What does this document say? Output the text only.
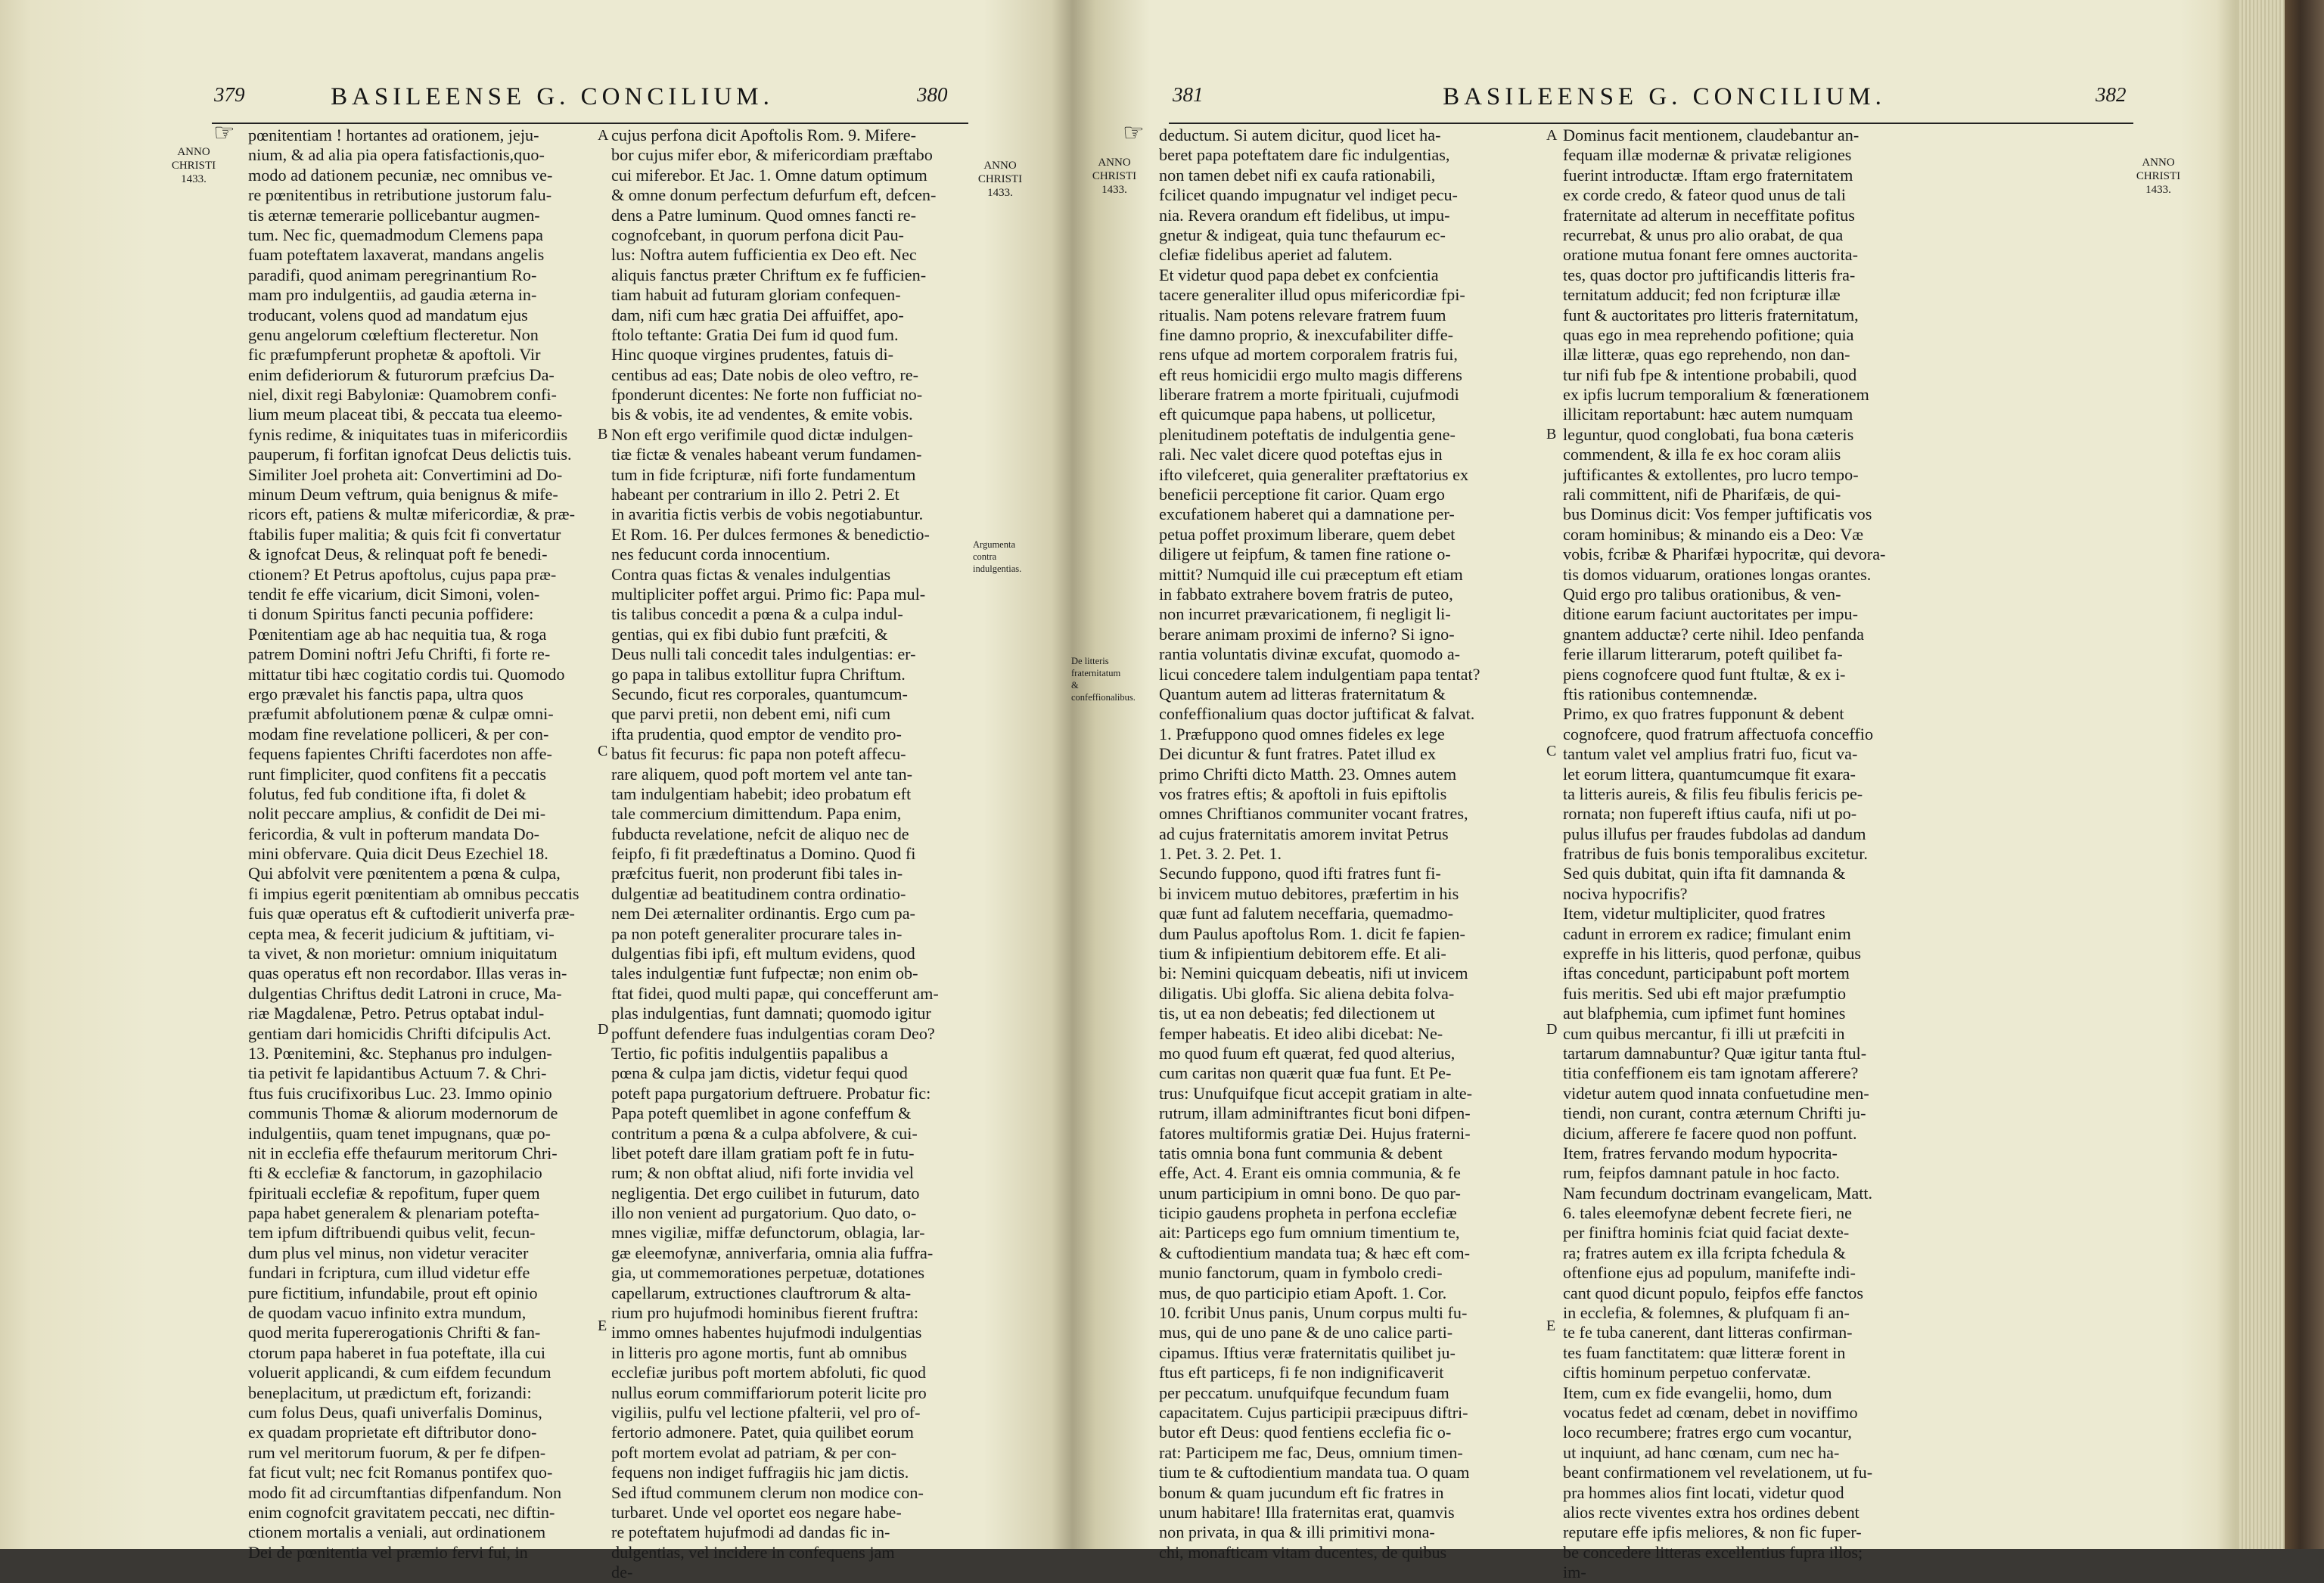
379	BASILEENSE G. CONCILIUM.	380
☞
ANNO
CHRISTI
1433.
ANNO
CHRISTI
1433.
Argumenta contra indulgentias.
pœnitentiam ! hortantes ad orationem, jeju-
nium, & ad alia pia opera fatisfactionis,quo-
modo ad dationem pecuniæ, nec omnibus ve-
re pœnitentibus in retributione justorum falu-
tis æternæ temerarie pollicebantur augmen-
tum. Nec fic, quemadmodum Clemens papa
fuam poteftatem laxaverat, mandans angelis
paradifi, quod animam peregrinantium Ro-
mam pro indulgentiis, ad gaudia æterna in-
troducant, volens quod ad mandatum ejus
genu angelorum cœleftium flecteretur. Non
fic præfumpferunt prophetæ & apoftoli. Vir
enim defideriorum & futurorum præfcius Da-
niel, dixit regi Babyloniæ: Quamobrem confi-
lium meum placeat tibi, & peccata tua eleemo-
fynis redime, & iniquitates tuas in mifericordiis
pauperum, fi forfitan ignofcat Deus delictis tuis.
Similiter Joel proheta ait: Convertimini ad Do-
minum Deum veftrum, quia benignus & mife-
ricors eft, patiens & multæ mifericordiæ, & præ-
ftabilis fuper malitia; & quis fcit fi convertatur
& ignofcat Deus, & relinquat poft fe benedi-
ctionem? Et Petrus apoftolus, cujus papa præ-
tendit fe effe vicarium, dicit Simoni, volen-
ti donum Spiritus fancti pecunia poffidere:
Pœnitentiam age ab hac nequitia tua, & roga
patrem Domini noftri Jefu Chrifti, fi forte re-
mittatur tibi hæc cogitatio cordis tui. Quomodo
ergo prævalet his fanctis papa, ultra quos
præfumit abfolutionem pœnæ & culpæ omni-
modam fine revelatione polliceri, & per con-
fequens fapientes Chrifti facerdotes non affe-
runt fimpliciter, quod confitens fit a peccatis
folutus, fed fub conditione ifta, fi dolet &
nolit peccare amplius, & confidit de Dei mi-
fericordia, & vult in pofterum mandata Do-
mini obfervare. Quia dicit Deus Ezechiel 18.
Qui abfolvit vere pœnitentem a pœna & culpa,
fi impius egerit pœnitentiam ab omnibus peccatis
fuis quæ operatus eft & cuftodierit univerfa præ-
cepta mea, & fecerit judicium & juftitiam, vi-
ta vivet, & non morietur: omnium iniquitatum
quas operatus eft non recordabor. Illas veras in-
dulgentias Chriftus dedit Latroni in cruce, Ma-
riæ Magdalenæ, Petro. Petrus optabat indul-
gentiam dari homicidis Chrifti difcipulis Act.
13. Pœnitemini, &c. Stephanus pro indulgen-
tia petivit fe lapidantibus Actuum 7. & Chri-
ftus fuis crucifixoribus Luc. 23. Immo opinio
communis Thomæ & aliorum modernorum de
indulgentiis, quam tenet impugnans, quæ po-
nit in ecclefia effe thefaurum meritorum Chri-
fti & ecclefiæ & fanctorum, in gazophilacio
fpirituali ecclefiæ & repofitum, fuper quem
papa habet generalem & plenariam potefta-
tem ipfum diftribuendi quibus velit, fecun-
dum plus vel minus, non videtur veraciter
fundari in fcriptura, cum illud videtur effe
pure fictitium, infundabile, prout eft opinio
de quodam vacuo infinito extra mundum,
quod merita fupererogationis Chrifti & fan-
ctorum papa haberet in fua poteftate, illa cui
voluerit applicandi, & cum eifdem fecundum
beneplacitum, ut prædictum eft, forizandi:
cum folus Deus, quafi univerfalis Dominus,
ex quadam proprietate eft diftributor dono-
rum vel meritorum fuorum, & per fe difpen-
fat ficut vult; nec fcit Romanus pontifex quo-
modo fit ad circumftantias difpenfandum. Non
enim cognofcit gravitatem peccati, nec diftin-
ctionem mortalis a veniali, aut ordinationem
Dei de pœnitentia vel præmio fervi fui, in
cujus perfona dicit Apoftolis Rom. 9. Mifere-
bor cujus mifer ebor, & mifericordiam præftabo
cui miferebor. Et Jac. 1. Omne datum optimum
& omne donum perfectum defurfum eft, defcen-
dens a Patre luminum. Quod omnes fancti re-
cognofcebant, in quorum perfona dicit Pau-
lus: Noftra autem fufficientia ex Deo eft. Nec
aliquis fanctus præter Chriftum ex fe fufficien-
tiam habuit ad futuram gloriam confequen-
dam, nifi cum hæc gratia Dei affuiffet, apo-
ftolo teftante: Gratia Dei fum id quod fum.
Hinc quoque virgines prudentes, fatuis di-
centibus ad eas; Date nobis de oleo veftro, re-
fponderunt dicentes: Ne forte non fufficiat no-
bis & vobis, ite ad vendentes, & emite vobis.
Non eft ergo verifimile quod dictæ indulgen-
tiæ fictæ & venales habeant verum fundamen-
tum in fide fcripturæ, nifi forte fundamentum
habeant per contrarium in illo 2. Petri 2. Et
in avaritia fictis verbis de vobis negotiabuntur.
Et Rom. 16. Per dulces fermones & benedictio-
nes feducunt corda innocentium.
Contra quas fictas & venales indulgentias
multipliciter poffet argui. Primo fic: Papa mul-
tis talibus concedit a pœna & a culpa indul-
gentias, qui ex fibi dubio funt præfciti, &
Deus nulli tali concedit tales indulgentias: er-
go papa in talibus extollitur fupra Chriftum.
Secundo, ficut res corporales, quantumcum-
que parvi pretii, non debent emi, nifi cum
ifta prudentia, quod emptor de vendito pro-
batus fit fecurus: fic papa non poteft affecu-
rare aliquem, quod poft mortem vel ante tan-
tam indulgentiam habebit; ideo probatum eft
tale commercium dimittendum. Papa enim,
fubducta revelatione, nefcit de aliquo nec de
feipfo, fi fit prædeftinatus a Domino. Quod fi
præfcitus fuerit, non proderunt fibi tales in-
dulgentiæ ad beatitudinem contra ordinatio-
nem Dei æternaliter ordinantis. Ergo cum pa-
pa non poteft generaliter procurare tales in-
dulgentias fibi ipfi, eft multum evidens, quod
tales indulgentiæ funt fufpectæ; non enim ob-
ftat fidei, quod multi papæ, qui concefferunt am-
plas indulgentias, funt damnati; quomodo igitur
poffunt defendere fuas indulgentias coram Deo?
Tertio, fic pofitis indulgentiis papalibus a
pœna & culpa jam dictis, videtur fequi quod
poteft papa purgatorium deftruere. Probatur fic:
Papa poteft quemlibet in agone confeffum &
contritum a pœna & a culpa abfolvere, & cui-
libet poteft dare illam gratiam poft fe in futu-
rum; & non obftat aliud, nifi forte invidia vel
negligentia. Det ergo cuilibet in futurum, dato
illo non venient ad purgatorium. Quo dato, o-
mnes vigiliæ, miffæ defunctorum, oblagia, lar-
gæ eleemofynæ, anniverfaria, omnia alia fuffra-
gia, ut commemorationes perpetuæ, dotationes
capellarum, extructiones clauftrorum & alta-
rium pro hujufmodi hominibus fierent fruftra:
immo omnes habentes hujufmodi indulgentias
in litteris pro agone mortis, funt ab omnibus
ecclefiæ juribus poft mortem abfoluti, fic quod
nullus eorum commiffariorum poterit licite pro
vigiliis, pulfu vel lectione pfalterii, vel pro of-
fertorio admonere. Patet, quia quilibet eorum
poft mortem evolat ad patriam, & per con-
fequens non indiget fuffragiis hic jam dictis.
Sed iftud communem clerum non modice con-
turbaret. Unde vel oportet eos negare habe-
re poteftatem hujufmodi ad dandas fic in-
dulgentias, vel incidere in confequens jam
de-
A
B
C
D
E
381	BASILEENSE G. CONCILIUM.	382
☞
ANNO
CHRISTI
1433.
ANNO
CHRISTI
1433.
De litteris fraternitatum & confeffionalibus.
deductum. Si autem dicitur, quod licet ha-
beret papa poteftatem dare fic indulgentias,
non tamen debet nifi ex caufa rationabili,
fcilicet quando impugnatur vel indiget pecu-
nia. Revera orandum eft fidelibus, ut impu-
gnetur & indigeat, quia tunc thefaurum ec-
clefiæ fidelibus aperiet ad falutem.
Et videtur quod papa debet ex confcientia
tacere generaliter illud opus mifericordiæ fpi-
ritualis. Nam potens relevare fratrem fuum
fine damno proprio, & inexcufabiliter diffe-
rens ufque ad mortem corporalem fratris fui,
eft reus homicidii ergo multo magis differens
liberare fratrem a morte fpirituali, cujufmodi
eft quicumque papa habens, ut pollicetur,
plenitudinem poteftatis de indulgentia gene-
rali. Nec valet dicere quod poteftas ejus in
ifto vilefceret, quia generaliter præftatorius ex
beneficii perceptione fit carior. Quam ergo
excufationem haberet qui a damnatione per-
petua poffet proximum liberare, quem debet
diligere ut feipfum, & tamen fine ratione o-
mittit? Numquid ille cui præceptum eft etiam
in fabbato extrahere bovem fratris de puteo,
non incurret prævaricationem, fi negligit li-
berare animam proximi de inferno? Si igno-
rantia voluntatis divinæ excufat, quomodo a-
licui concedere talem indulgentiam papa tentat?
Quantum autem ad litteras fraternitatum &
confeffionalium quas doctor juftificat & falvat.
1. Præfuppono quod omnes fideles ex lege
Dei dicuntur & funt fratres. Patet illud ex
primo Chrifti dicto Matth. 23. Omnes autem
vos fratres eftis; & apoftoli in fuis epiftolis
omnes Chriftianos communiter vocant fratres,
ad cujus fraternitatis amorem invitat Petrus
1. Pet. 3. 2. Pet. 1.
Secundo fuppono, quod ifti fratres funt fi-
bi invicem mutuo debitores, præfertim in his
quæ funt ad falutem neceffaria, quemadmo-
dum Paulus apoftolus Rom. 1. dicit fe fapien-
tium & infipientium debitorem effe. Et ali-
bi: Nemini quicquam debeatis, nifi ut invicem
diligatis. Ubi gloffa. Sic aliena debita folva-
tis, ut ea non debeatis; fed dilectionem ut
femper habeatis. Et ideo alibi dicebat: Ne-
mo quod fuum eft quærat, fed quod alterius,
cum caritas non quærit quæ fua funt. Et Pe-
trus: Unufquifque ficut accepit gratiam in alte-
rutrum, illam adminiftrantes ficut boni difpen-
fatores multiformis gratiæ Dei. Hujus fraterni-
tatis omnia bona funt communia & debent
effe, Act. 4. Erant eis omnia communia, & fe
unum participium in omni bono. De quo par-
ticipio gaudens propheta in perfona ecclefiæ
ait: Particeps ego fum omnium timentium te,
& cuftodientium mandata tua; & hæc eft com-
munio fanctorum, quam in fymbolo credi-
mus, de quo participio etiam Apoft. 1. Cor.
10. fcribit Unus panis, Unum corpus multi fu-
mus, qui de uno pane & de uno calice parti-
cipamus. Iftius veræ fraternitatis quilibet ju-
ftus eft particeps, fi fe non indignificaverit
per peccatum. unufquifque fecundum fuam
capacitatem. Cujus participii præcipuus diftri-
butor eft Deus: quod fentiens ecclefia fic o-
rat: Participem me fac, Deus, omnium timen-
tium te & cuftodientium mandata tua. O quam
bonum & quam jucundum eft fic fratres in
unum habitare! Illa fraternitas erat, quamvis
non privata, in qua & illi primitivi mona-
chi, monafticam vitam ducentes, de quibus
Dominus facit mentionem, claudebantur an-
fequam illæ modernæ & privatæ religiones
fuerint introductæ. Iftam ergo fraternitatem
ex corde credo, & fateor quod unus de tali
fraternitate ad alterum in neceffitate pofitus
recurrebat, & unus pro alio orabat, de qua
oratione mutua fonant fere omnes auctorita-
tes, quas doctor pro juftificandis litteris fra-
ternitatum adducit; fed non fcripturæ illæ
funt & auctoritates pro litteris fraternitatum,
quas ego in mea reprehendo pofitione; quia
illæ litteræ, quas ego reprehendo, non dan-
tur nifi fub fpe & intentione probabili, quod
ex ipfis lucrum temporalium & fœnerationem
illicitam reportabunt: hæc autem numquam
leguntur, quod conglobati, fua bona cæteris
commendent, & illa fe ex hoc coram aliis
juftificantes & extollentes, pro lucro tempo-
rali committent, nifi de Pharifæis, de qui-
bus Dominus dicit: Vos femper juftificatis vos
coram hominibus; & minando eis a Deo: Væ
vobis, fcribæ & Pharifæi hypocritæ, qui devora-
tis domos viduarum, orationes longas orantes.
Quid ergo pro talibus orationibus, & ven-
ditione earum faciunt auctoritates per impu-
gnantem adductæ? certe nihil. Ideo penfanda
ferie illarum litterarum, poteft quilibet fa-
piens cognofcere quod funt ftultæ, & ex i-
ftis rationibus contemnendæ.
Primo, ex quo fratres fupponunt & debent
cognofcere, quod fratrum affectuofa conceffio
tantum valet vel amplius fratri fuo, ficut va-
let eorum littera, quantumcumque fit exara-
ta litteris aureis, & filis feu fibulis fericis pe-
rornata; non fupereft iftius caufa, nifi ut po-
pulus illufus per fraudes fubdolas ad dandum
fratribus de fuis bonis temporalibus excitetur.
Sed quis dubitat, quin ifta fit damnanda &
nociva hypocrifis?
Item, videtur multipliciter, quod fratres
cadunt in errorem ex radice; fimulant enim
expreffe in his litteris, quod perfonæ, quibus
iftas concedunt, participabunt poft mortem
fuis meritis. Sed ubi eft major præfumptio
aut blafphemia, cum ipfimet funt homines
cum quibus mercantur, fi illi ut præfciti in
tartarum damnabuntur? Quæ igitur tanta ftul-
titia confeffionem eis tam ignotam afferere?
videtur autem quod innata confuetudine men-
tiendi, non curant, contra æternum Chrifti ju-
dicium, afferere fe facere quod non poffunt.
Item, fratres fervando modum hypocrita-
rum, feipfos damnant patule in hoc facto.
Nam fecundum doctrinam evangelicam, Matt.
6. tales eleemofynæ debent fecrete fieri, ne
per finiftra hominis fciat quid faciat dexte-
ra; fratres autem ex illa fcripta fchedula &
oftenfione ejus ad populum, manifefte indi-
cant quod dicunt populo, feipfos effe fanctos
in ecclefia, & folemnes, & plufquam fi an-
te fe tuba canerent, dant litteras confirman-
tes fuam fanctitatem: quæ litteræ forent in
ciftis hominum perpetuo confervatæ.
Item, cum ex fide evangelii, homo, dum
vocatus fedet ad cœnam, debet in noviffimo
loco recumbere; fratres ergo cum vocantur,
ut inquiunt, ad hanc cœnam, cum nec ha-
beant confirmationem vel revelationem, ut fu-
pra hommes alios fint locati, videtur quod
alios recte viventes extra hos ordines debent
reputare effe ipfis meliores, & non fic fuper-
be concedere litteras excellentius fupra illos;
im-
A
B
C
D
E
